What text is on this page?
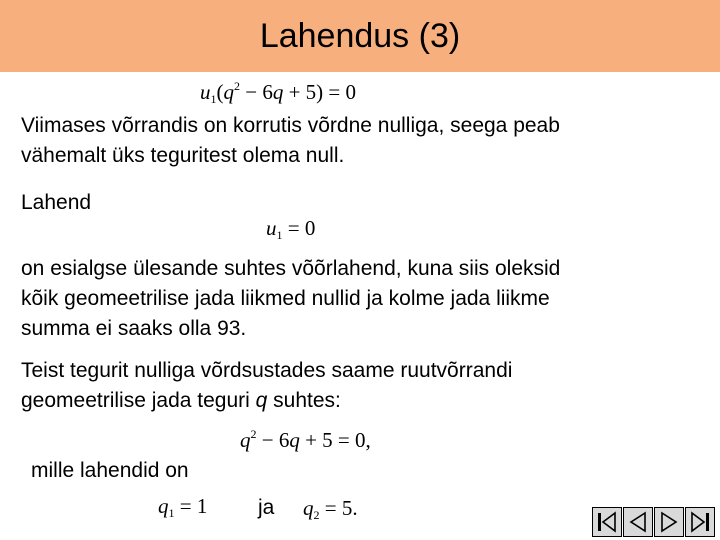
Lahendus (3)
$u_1(q^2 - 6q + 5) = 0$
Viimases võrrandis on korrutis võrdne nulliga, seega peab
vähemalt üks teguritest olema null.
Lahend
$u_1 = 0$
on esialgse ülesande suhtes võõrlahend, kuna siis oleksid
kõik geomeetrilise jada liikmed nullid ja kolme jada liikme
summa ei saaks olla 93.
Teist tegurit nulliga võrdsustades saame ruutvõrrandi
geomeetrilise jada teguri q suhtes:
$q^2 - 6q + 5 = 0$,
mille lahendid on
$q_1 = 1$ ja $q_2 = 5$.
